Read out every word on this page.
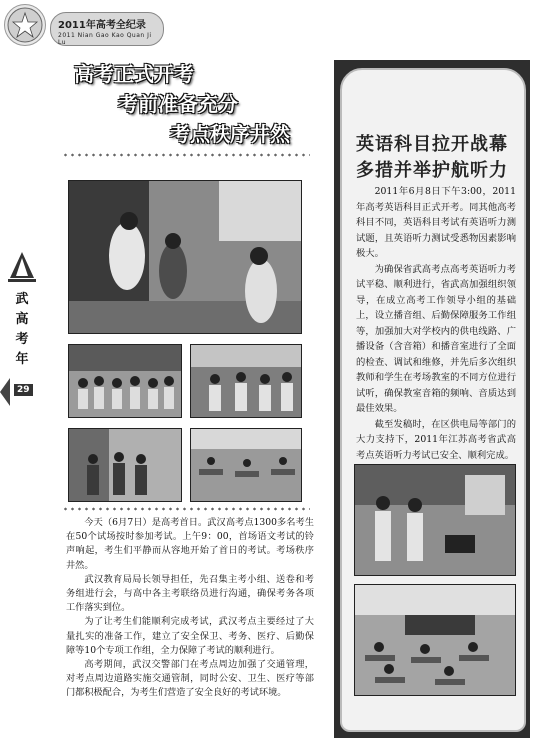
2011年高考全纪录
2011 Nian Gao Kao Quan Ji Lu
武
高
考
年
29
高考正式开考
考前准备充分
考点秩序井然

今天（6月7日）是高考首日。武汉高考点1300多名考生在50个试场按时参加考试。上午9：00，首场语文考试的铃声响起，考生们平静而从容地开始了首日的考试。考场秩序井然。

武汉教育局局长领导担任，先召集主考小组、送卷和考务组进行会，与高中各主考联络员进行沟通，确保考务各项工作落实到位。

为了让考生们能顺利完成考试，武汉考点主要经过了大量扎实的准备工作，建立了安全保卫、考务、医疗、后勤保障等10个专项工作组，全力保障了考试的顺利进行。

高考期间，武汉交警部门在考点周边加强了交通管理，对考点周边道路实施交通管制，同时公安、卫生、医疗等部门都积极配合，为考生们营造了安全良好的考试环境。

英语科目拉开战幕
多措并举护航听力

2011年6月8日下午3:00，2011年高考英语科目正式开考。同其他高考科目不同，英语科目考试有英语听力测试题，且英语听力测试受悉物因素影响极大。

为确保省武高考点高考英语听力考试平稳、顺利进行，省武高加强组织领导，在成立高考工作领导小组的基础上，设立播音组、后勤保障服务工作组等，加强加大对学校内的供电线路、广播设备（含音箱）和播音室进行了全面的检查、调试和维修，并先后多次组织教师和学生在考场教室的不同方位进行试听，确保教室音箱的频响、音质达到最佳效果。

截至发稿时，在区供电局等部门的大力支持下，2011年江苏高考省武高考点英语听力考试已安全、顺利完成。
